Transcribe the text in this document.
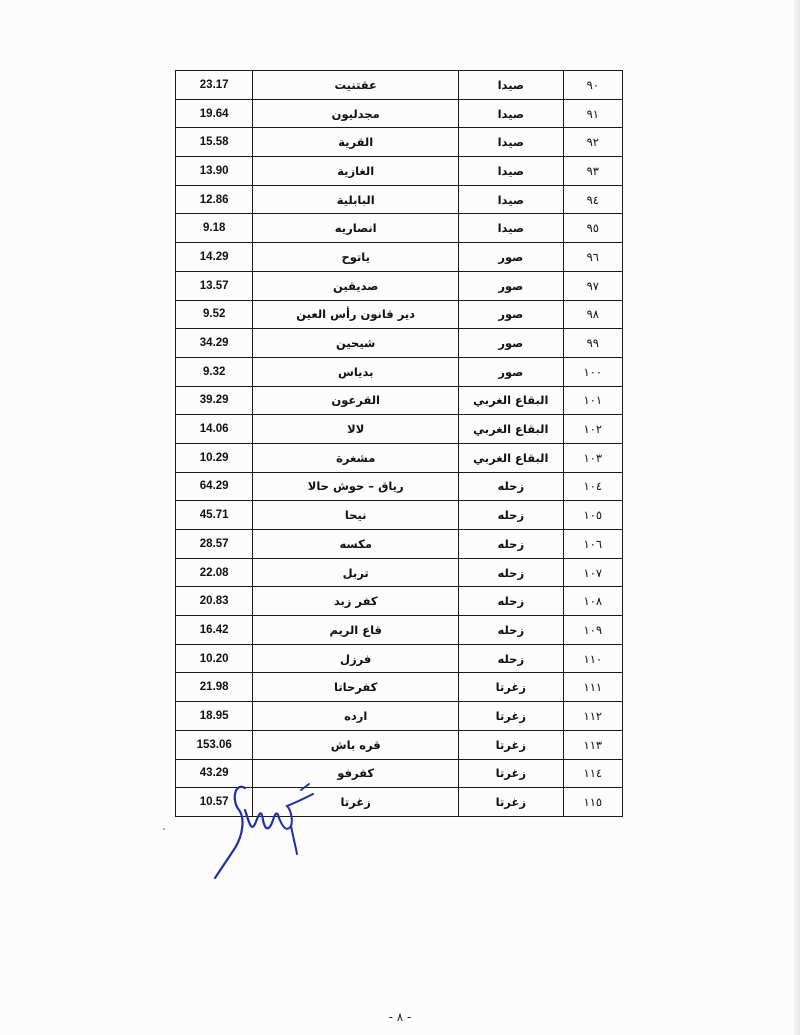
23.17	عقتنيت	صيدا	٩٠
19.64	مجدليون	صيدا	٩١
15.58	القرية	صيدا	٩٢
13.90	الغازية	صيدا	٩٣
12.86	البابلية	صيدا	٩٤
9.18	انصاريه	صيدا	٩٥
14.29	ياتوح	صور	٩٦
13.57	صديقين	صور	٩٧
9.52	دير قانون رأس العين	صور	٩٨
34.29	شيحين	صور	٩٩
9.32	بدياس	صور	١٠٠
39.29	القرعون	البقاع الغربي	١٠١
14.06	لالا	البقاع الغربي	١٠٢
10.29	مشغرة	البقاع الغربي	١٠٣
64.29	رياق – حوش حالا	زحله	١٠٤
45.71	نيحا	زحله	١٠٥
28.57	مكسه	زحله	١٠٦
22.08	تربل	زحله	١٠٧
20.83	كفر زبد	زحله	١٠٨
16.42	قاع الريم	زحله	١٠٩
10.20	فرزل	زحله	١١٠
21.98	كفرحاتا	زغرتا	١١١
18.95	ارده	زغرتا	١١٢
153.06	قره باش	زغرتا	١١٣
43.29	كفرفو	زغرتا	١١٤
10.57	زغرتا	زغرتا	١١٥
- ٨ -
